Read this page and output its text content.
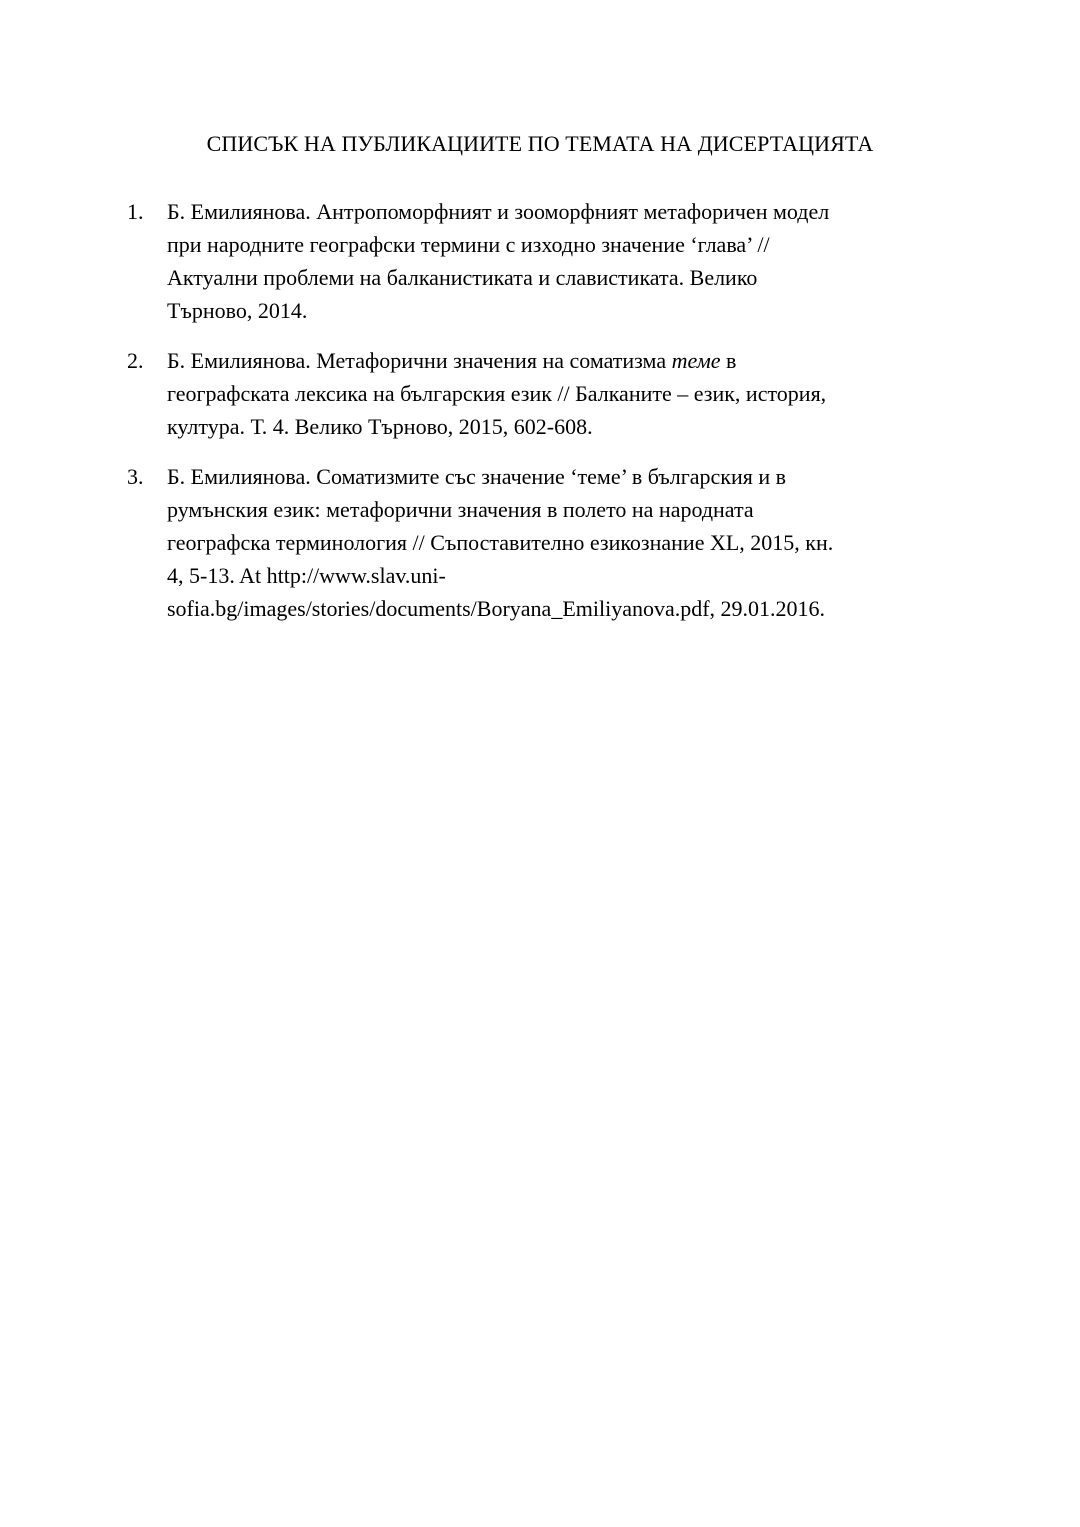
СПИСЪК НА ПУБЛИКАЦИИТЕ ПО ТЕМАТА НА ДИСЕРТАЦИЯТА
1.	Б. Емилиянова. Антропоморфният и зооморфният метафоричен модел
при народните географски термини с изходно значение ‘глава’ //
Актуални проблеми на балканистиката и славистиката. Велико
Търново, 2014.
2.	Б. Емилиянова. Метафорични значения на соматизма теме в
географската лексика на българския език // Балканите – език, история,
култура. Т. 4. Велико Търново, 2015, 602-608.
3.	Б. Емилиянова. Соматизмите със значение ‘теме’ в българския и в
румънския език: метафорични значения в полето на народната
географска терминология // Съпоставително езикознание XL, 2015, кн.
4, 5-13. At http://www.slav.uni-
sofia.bg/images/stories/documents/Boryana_Emiliyanova.pdf, 29.01.2016.
